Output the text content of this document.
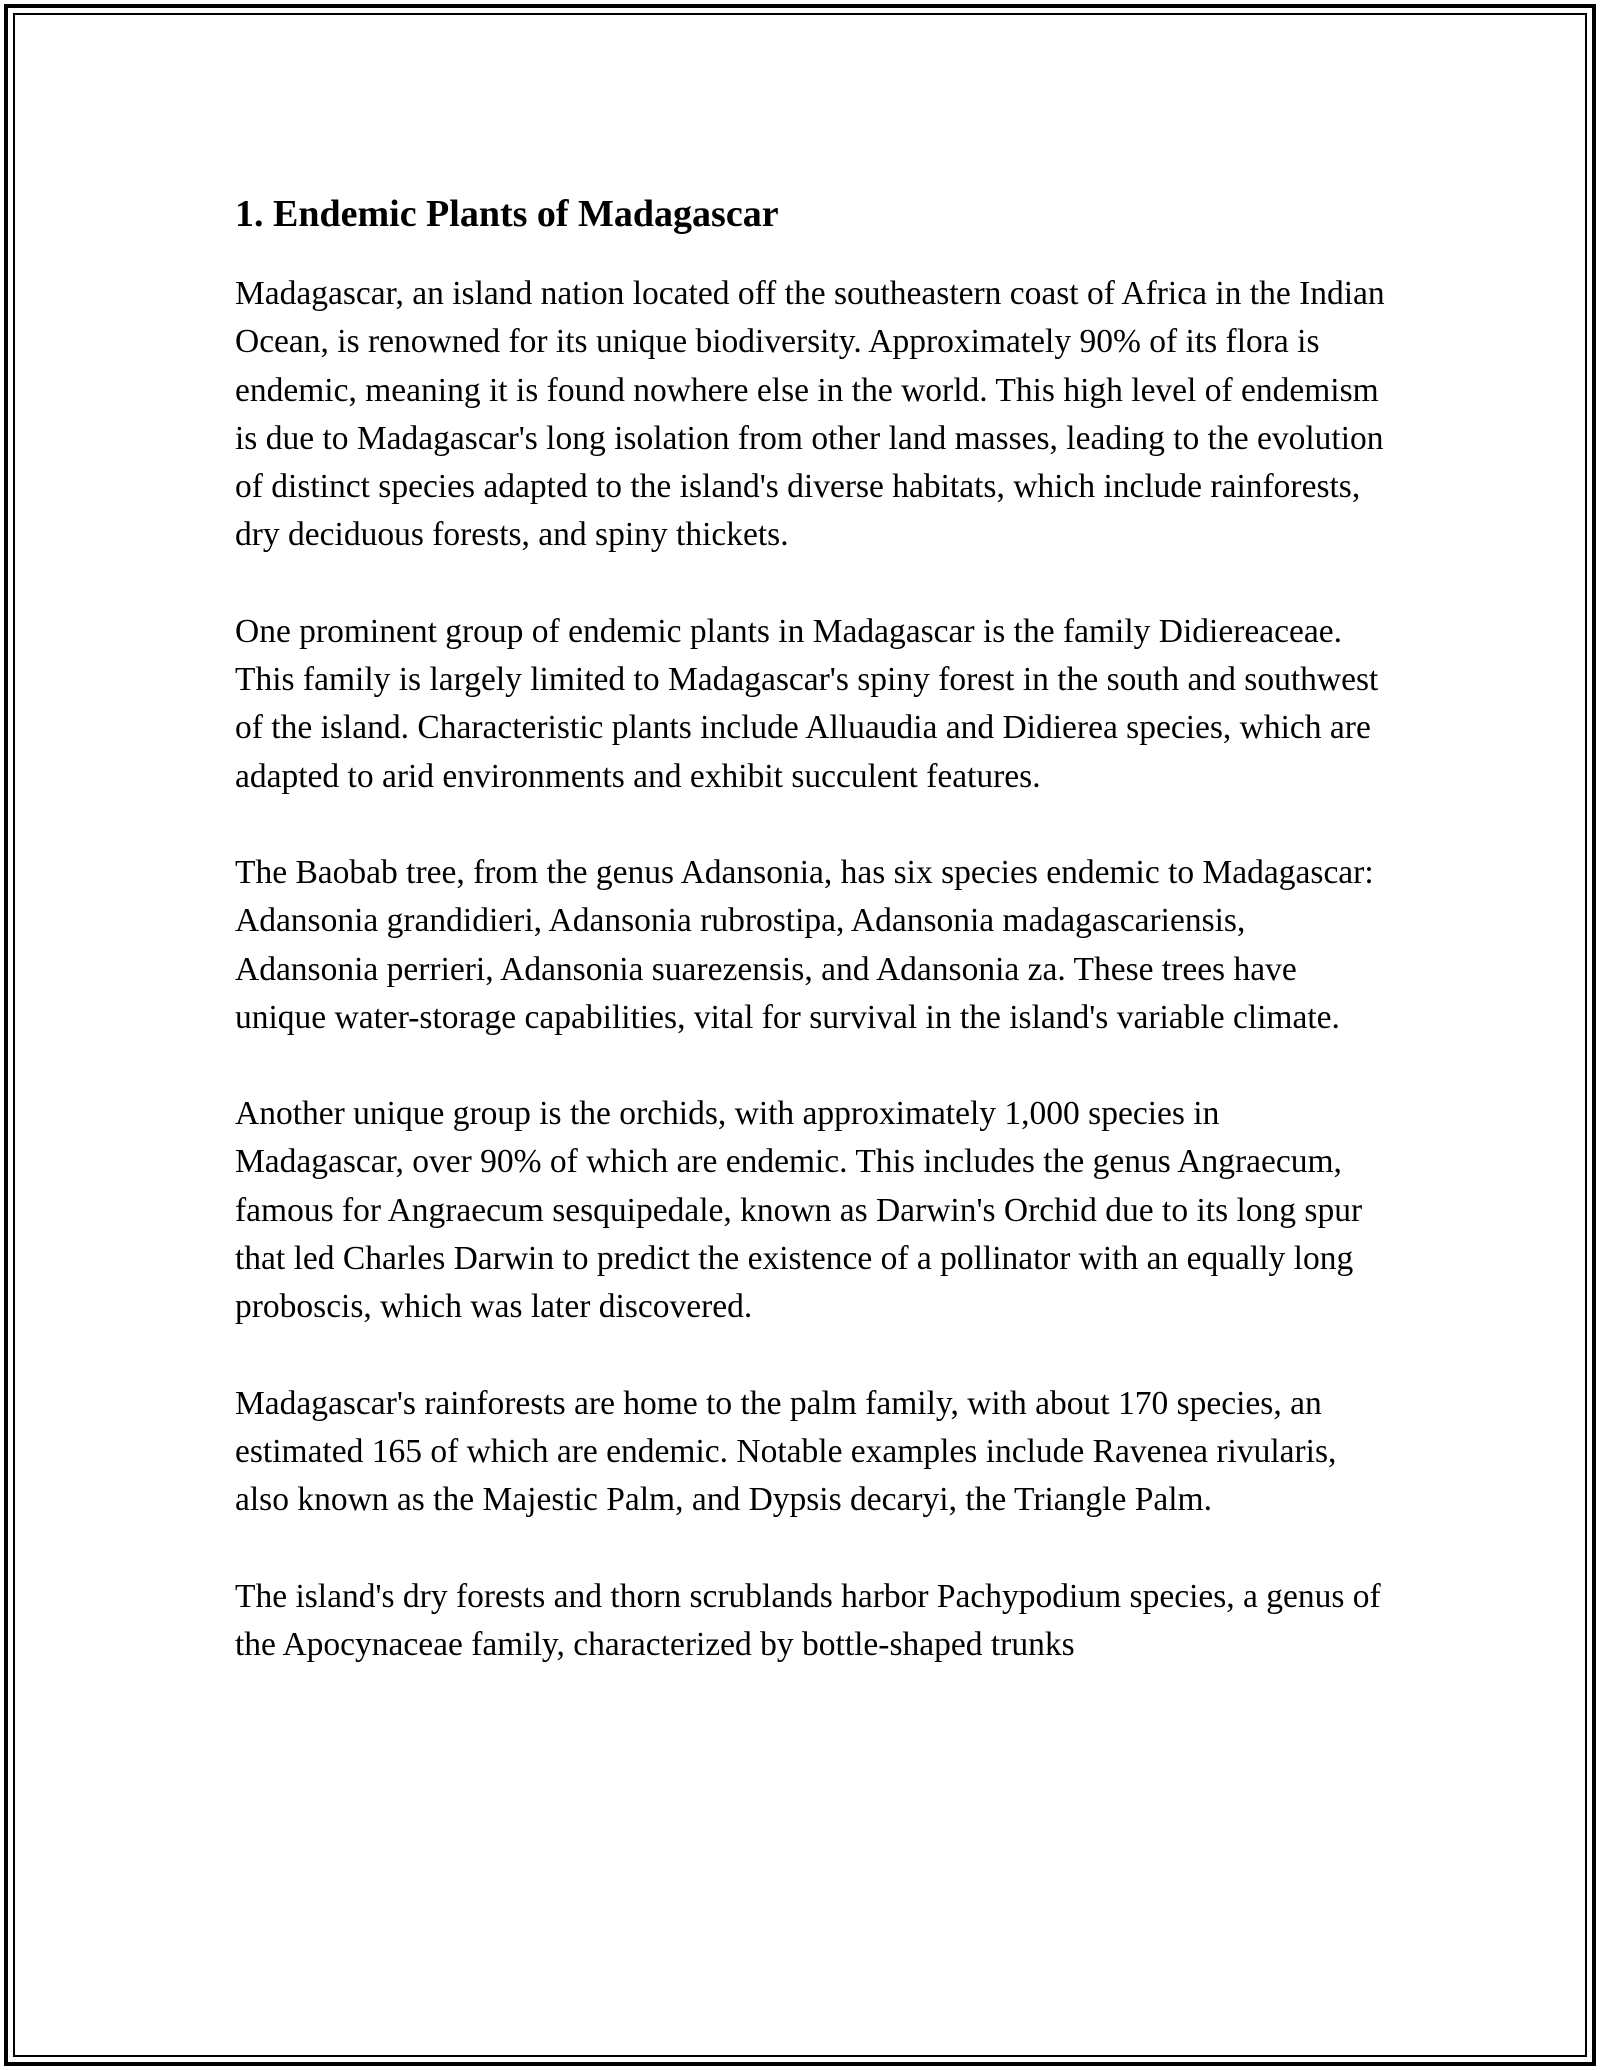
1. Endemic Plants of Madagascar

Madagascar, an island nation located off the southeastern coast of Africa in the Indian Ocean, is renowned for its unique biodiversity. Approximately 90% of its flora is endemic, meaning it is found nowhere else in the world. This high level of endemism is due to Madagascar's long isolation from other land masses, leading to the evolution of distinct species adapted to the island's diverse habitats, which include rainforests, dry deciduous forests, and spiny thickets.

One prominent group of endemic plants in Madagascar is the family Didiereaceae. This family is largely limited to Madagascar's spiny forest in the south and southwest of the island. Characteristic plants include Alluaudia and Didierea species, which are adapted to arid environments and exhibit succulent features.

The Baobab tree, from the genus Adansonia, has six species endemic to Madagascar: Adansonia grandidieri, Adansonia rubrostipa, Adansonia madagascariensis, Adansonia perrieri, Adansonia suarezensis, and Adansonia za. These trees have unique water-storage capabilities, vital for survival in the island's variable climate.

Another unique group is the orchids, with approximately 1,000 species in Madagascar, over 90% of which are endemic. This includes the genus Angraecum, famous for Angraecum sesquipedale, known as Darwin's Orchid due to its long spur that led Charles Darwin to predict the existence of a pollinator with an equally long proboscis, which was later discovered.

Madagascar's rainforests are home to the palm family, with about 170 species, an estimated 165 of which are endemic. Notable examples include Ravenea rivularis, also known as the Majestic Palm, and Dypsis decaryi, the Triangle Palm.

The island's dry forests and thorn scrublands harbor Pachypodium species, a genus of the Apocynaceae family, characterized by bottle-shaped trunks
